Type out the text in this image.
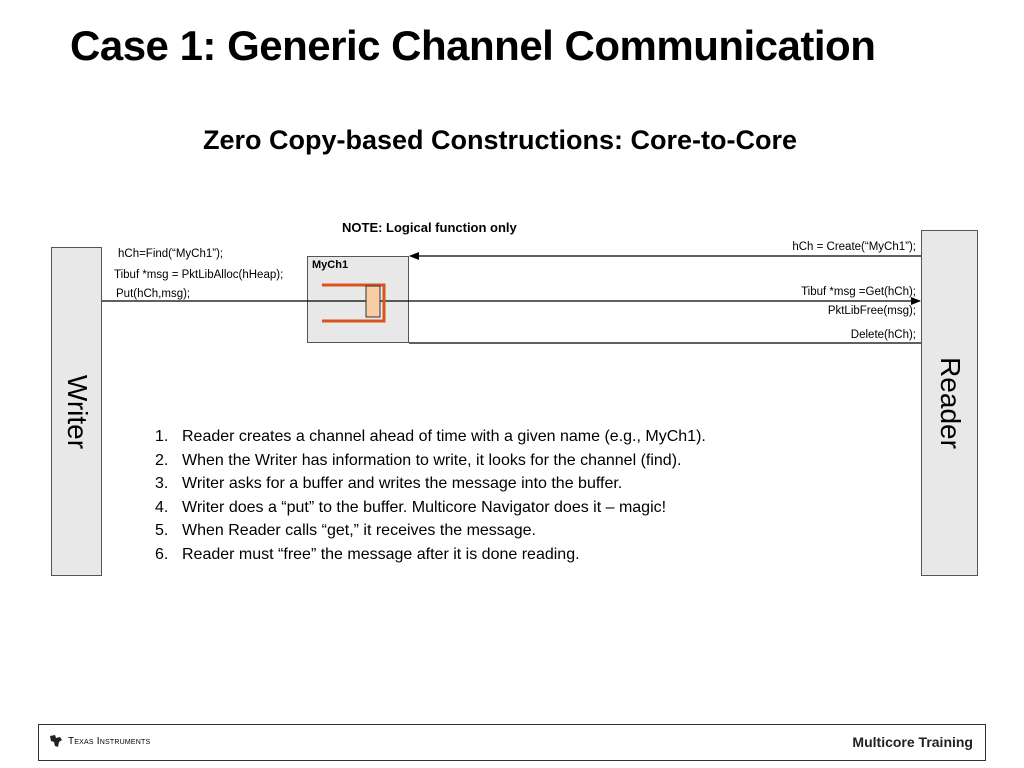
Case 1: Generic Channel Communication
Zero Copy-based Constructions: Core-to-Core
NOTE: Logical function only
Writer	Reader
MyCh1
hCh=Find(“MyCh1”);
Tibuf *msg = PktLibAlloc(hHeap);
Put(hCh,msg);
hCh = Create(“MyCh1”);
Tibuf *msg =Get(hCh);
PktLibFree(msg);
Delete(hCh);
1. Reader creates a channel ahead of time with a given name (e.g., MyCh1).
2. When the Writer has information to write, it looks for the channel (find).
3. Writer asks for a buffer and writes the message into the buffer.
4. Writer does a “put” to the buffer. Multicore Navigator does it – magic!
5. When Reader calls “get,” it receives the message.
6. Reader must “free” the message after it is done reading.
Texas Instruments	Multicore Training
